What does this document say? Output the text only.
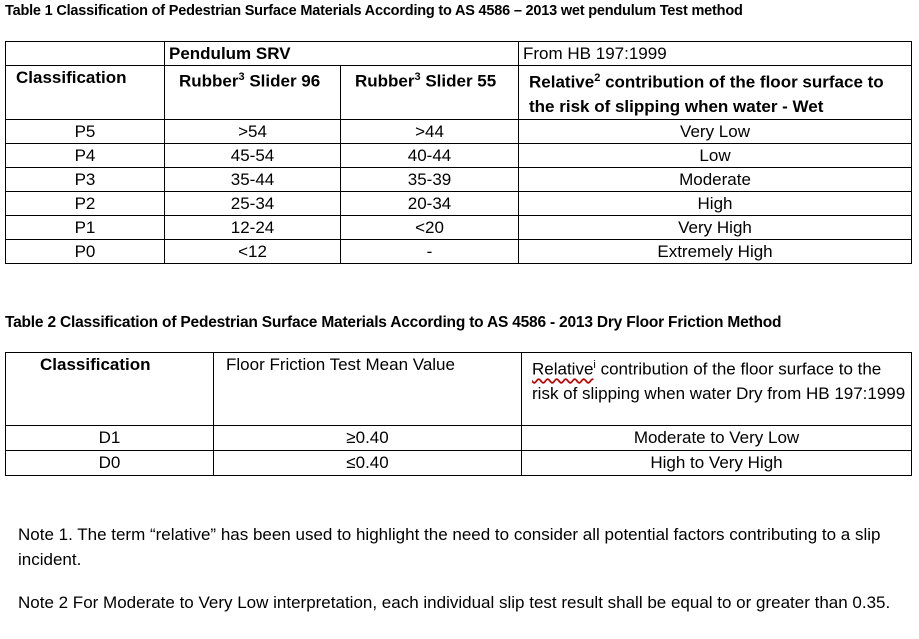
Table 1 Classification of Pedestrian Surface Materials According to AS 4586 – 2013 wet pendulum Test method
	Pendulum SRV		From HB 197:1999
Classification	Rubber$^3$ Slider 96	Rubber$^3$ Slider 55	Relative$^2$ contribution of the floor surface to the risk of slipping when water - Wet
P5	>54	>44	Very Low
P4	45-54	40-44	Low
P3	35-44	35-39	Moderate
P2	25-34	20-34	High
P1	12-24	<20	Very High
P0	<12	-	Extremely High
Table 2 Classification of Pedestrian Surface Materials According to AS 4586 - 2013 Dry Floor Friction Method
Classification	Floor Friction Test Mean Value	Relative$^i$ contribution of the floor surface to the risk of slipping when water Dry from HB 197:1999
D1	≥0.40	Moderate to Very Low
D0	≤0.40	High to Very High
Note 1. The term “relative” has been used to highlight the need to consider all potential factors contributing to a slip incident.
Note 2 For Moderate to Very Low interpretation, each individual slip test result shall be equal to or greater than 0.35.
